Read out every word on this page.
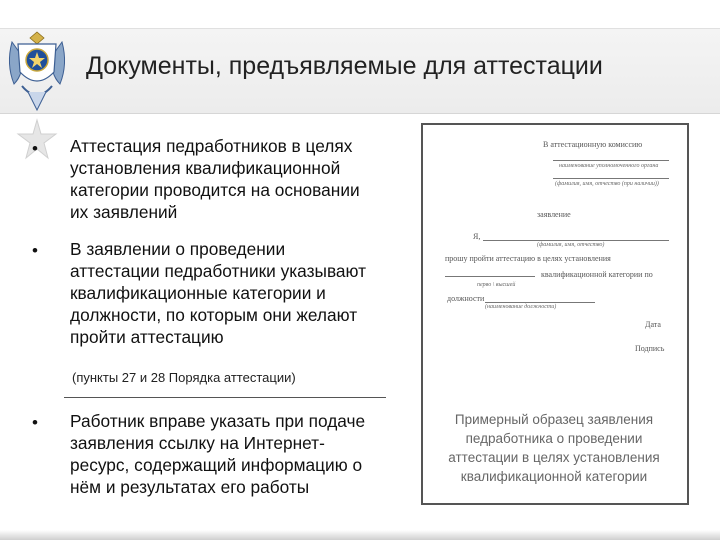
Документы, предъявляемые для аттестации
• Аттестация педработников в целях
установления квалификационной
категории проводится на основании
их заявлений
• В заявлении о проведении
аттестации педработники указывают
квалификационные категории и
должности, по которым они желают
пройти аттестацию
(пункты 27 и 28 Порядка аттестации)
• Работник вправе указать при подаче
заявления ссылку на Интернет-
ресурс, содержащий информацию о
нём и результатах его работы
В аттестационную комиссию
наименование уполномоченного органа
(фамилия, имя, отчество (при наличии))
заявление
Я,
(фамилия, имя, отчество)
прошу пройти аттестацию в целях установления
квалификационной категории по
перво \ высшей
должности
(наименование должности)
Дата
Подпись
Примерный образец заявления
педработника о проведении
аттестации в целях установления
квалификационной категории
